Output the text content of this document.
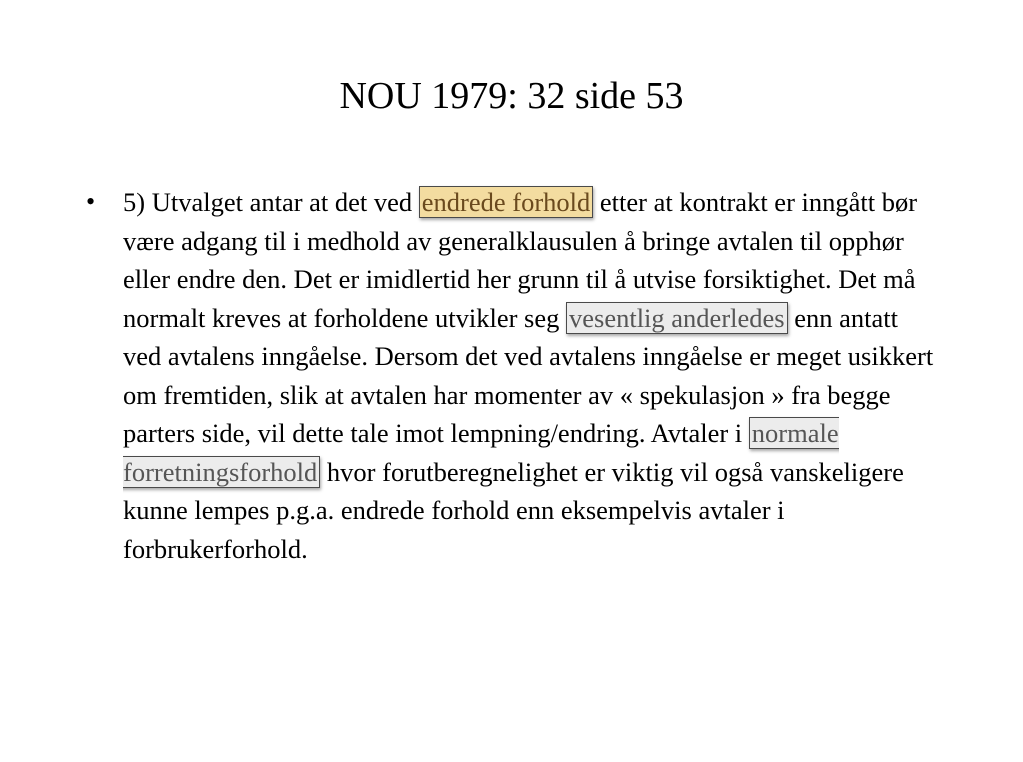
NOU 1979: 32 side 53
• 5) Utvalget antar at det ved endrede forhold etter at kontrakt er inngått bør være adgang til i medhold av generalklausulen å bringe avtalen til opphør eller endre den. Det er imidlertid her grunn til å utvise forsiktighet. Det må normalt kreves at forholdene utvikler seg vesentlig anderledes enn antatt ved avtalens inngåelse. Dersom det ved avtalens inngåelse er meget usikkert om fremtiden, slik at avtalen har momenter av « spekulasjon » fra begge parters side, vil dette tale imot lempning/endring. Avtaler i normale forretningsforhold hvor forutberegnelighet er viktig vil også vanskeligere kunne lempes p.g.a. endrede forhold enn eksempelvis avtaler i forbrukerforhold.
